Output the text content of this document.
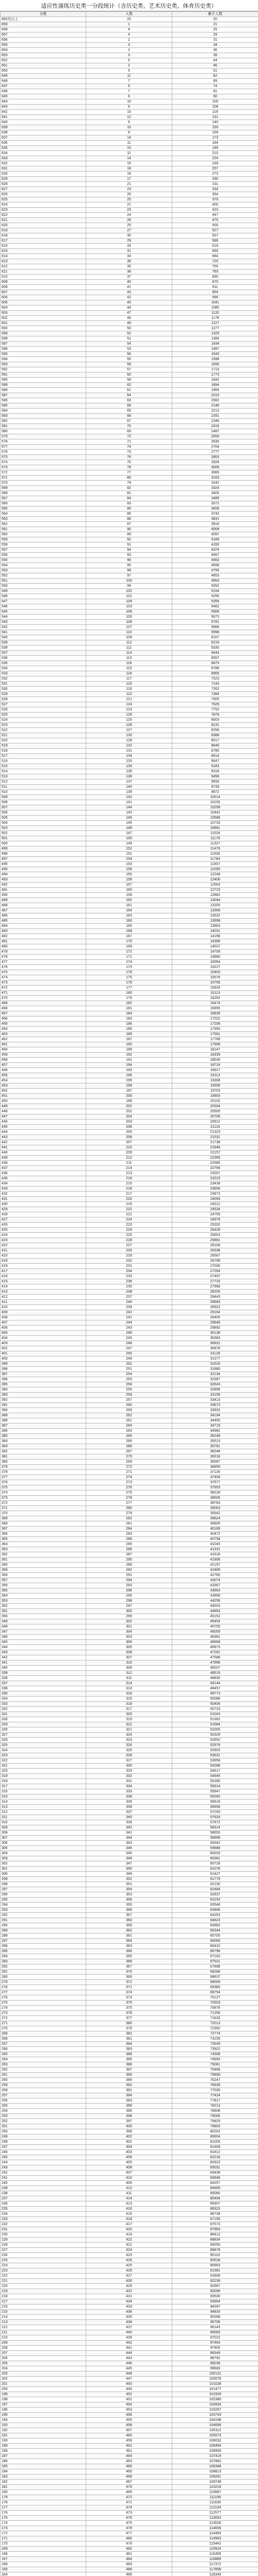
适应性演练历史类一分段统计（含历史类、艺术历史类、体育历史类）
分数	人数	累计人数
660及以上	20	20
659	1	21
658	4	25
657	4	29
656	2	31
655	3	34
654	2	36
653	3	39
652	5	44
651	2	46
650	5	51
649	11	62
648	7	69
647	5	74
646	7	81
645	9	90
644	10	100
643	9	109
642	10	119
641	12	131
640	9	140
639	10	150
638	9	159
637	14	173
636	11	184
635	15	199
634	11	210
633	14	224
632	15	239
631	18	257
630	16	273
629	17	290
628	21	311
627	23	334
626	20	354
625	25	379
624	21	400
623	23	423
622	24	447
621	28	475
620	25	500
619	27	527
618	30	557
617	29	586
616	33	619
615	31	650
614	34	684
613	36	720
612	35	755
611	38	793
610	37	830
609	40	870
608	41	911
607	43	954
606	42	996
605	45	1041
604	44	1085
603	47	1132
602	46	1178
601	49	1227
600	50	1277
599	52	1329
598	51	1380
597	54	1434
596	53	1487
595	56	1543
594	55	1598
593	58	1656
592	57	1713
591	60	1773
590	59	1832
589	62	1894
588	61	1955
587	64	2019
586	63	2082
585	66	2148
584	65	2213
583	68	2281
582	67	2348
581	70	2418
580	69	2487
579	72	2559
578	71	2630
577	74	2704
576	73	2777
575	76	2853
574	75	2928
573	78	3006
572	77	3083
571	80	3163
570	79	3242
569	82	3324
568	81	3405
567	84	3489
566	83	3572
565	86	3658
564	85	3743
563	88	3831
562	87	3918
561	90	4008
560	89	4097
559	92	4189
558	91	4280
557	94	4374
556	93	4467
555	96	4563
554	95	4658
553	98	4756
552	97	4853
551	100	4953
550	99	5052
549	102	5154
548	101	5255
547	104	5359
546	103	5462
545	106	5568
544	105	5673
543	108	5781
542	107	5888
541	110	5998
540	109	6107
539	112	6219
538	111	6330
537	114	6444
536	113	6557
535	116	6673
534	115	6788
533	118	6906
532	117	7023
531	120	7143
530	119	7262
529	122	7384
528	121	7505
527	124	7629
526	123	7752
525	126	7878
524	125	8003
523	128	8131
522	127	8258
521	130	8388
520	129	8517
519	132	8649
518	131	8780
517	134	8914
516	133	9047
515	136	9183
514	135	9318
513	138	9456
512	137	9593
511	140	9733
510	139	9872
509	142	10014
508	141	10155
507	144	10299
506	143	10442
505	146	10588
504	145	10733
503	148	10881
502	147	11028
501	150	11178
500	149	11327
499	152	11479
498	151	11630
497	154	11784
496	153	11937
495	156	12093
494	155	12248
493	158	12406
492	157	12563
491	160	12723
490	159	12882
489	162	13044
488	161	13205
487	164	13369
486	163	13532
485	166	13698
484	165	13863
483	168	14031
482	167	14198
481	170	14368
480	169	14537
479	172	14709
478	171	14880
477	174	15054
476	173	15227
475	176	15403
474	175	15578
473	178	15756
472	177	15933
471	180	16113
470	179	16292
469	182	16474
468	181	16655
467	184	16839
466	183	17022
465	186	17208
464	185	17393
463	188	17581
462	187	17768
461	190	17958
460	189	18147
459	192	18339
458	191	18530
457	194	18724
456	193	18917
455	196	19113
454	195	19308
453	198	19506
452	197	19703
451	200	19903
450	199	20102
449	202	20304
448	201	20505
447	204	20709
446	203	20912
445	206	21118
444	205	21323
443	208	21531
442	207	21738
441	210	21948
440	209	22157
439	212	22369
438	211	22580
437	214	22794
436	213	23007
435	216	23223
434	215	23438
433	218	23656
432	217	23873
431	220	24093
430	219	24312
429	222	24534
428	221	24755
427	224	24979
426	223	25202
425	226	25428
424	225	25653
423	228	25881
422	227	26108
421	230	26338
420	229	26567
419	232	26799
418	231	27030
417	234	27264
416	233	27497
415	236	27733
414	235	27968
413	238	28206
412	237	28443
411	240	28683
410	239	28922
409	242	29164
408	241	29405
407	244	29649
406	243	29892
405	246	30138
404	245	30383
403	248	30631
402	247	30878
401	250	31128
400	249	31377
399	252	31629
398	251	31880
397	254	32134
396	253	32387
395	256	32643
394	255	32898
393	258	33156
392	257	33413
391	260	33673
390	259	33932
389	262	34194
388	261	34455
387	264	34719
386	263	34982
385	266	35248
384	265	35513
383	268	35781
382	267	36048
381	270	36318
380	269	36587
379	272	36859
378	271	37130
377	274	37404
376	273	37677
375	276	37953
374	275	38228
373	278	38506
372	277	38783
371	280	39063
370	279	39342
369	282	39624
368	281	39905
367	284	40189
366	283	40472
365	286	40758
364	285	41043
363	288	41331
362	287	41618
361	290	41908
360	289	42197
359	292	42489
358	291	42780
357	294	43074
356	293	43367
355	296	43663
354	295	43958
353	298	44256
352	297	44553
351	300	44853
350	299	45152
349	302	45454
348	301	45755
347	304	46059
346	303	46362
345	306	46668
344	305	46973
343	308	47281
342	307	47588
341	310	47898
340	309	48207
339	312	48519
338	311	48830
337	314	49144
336	313	49457
335	316	49773
334	315	50088
333	318	50406
332	317	50723
331	320	51043
330	319	51362
329	322	51684
328	321	52005
327	324	52329
326	323	52652
325	326	52978
324	325	53303
323	328	53631
322	327	53958
321	330	54288
320	329	54617
319	332	54949
318	331	55280
317	334	55614
316	333	55947
315	336	56283
314	335	56618
313	338	56956
312	337	57293
311	340	57633
310	339	57972
309	342	58314
308	341	58655
307	344	58999
306	343	59342
305	346	59688
304	345	60033
303	348	60381
302	347	60728
301	350	61078
300	349	61427
299	352	61779
298	351	62130
297	354	62484
296	353	62837
295	356	63193
294	355	63548
293	358	63906
292	357	64263
291	360	64623
290	359	64982
289	362	65344
288	361	65705
287	364	66069
286	363	66432
285	366	66798
284	365	67163
283	368	67531
282	367	67898
281	370	68268
280	369	68637
279	372	69009
278	371	69380
277	374	69754
276	373	70127
275	376	70503
274	375	70878
273	378	71256
272	377	71633
271	380	72013
270	379	72392
269	382	72774
268	381	73155
267	384	73539
266	383	73922
265	386	74308
264	385	74693
263	388	75081
262	387	75468
261	390	75858
260	389	76247
259	392	76639
258	391	77030
257	394	77424
256	393	77817
255	396	78213
254	395	78608
253	398	79006
252	397	79403
251	400	79803
250	399	80202
249	402	80604
248	401	81005
247	404	81409
246	403	81812
245	406	82218
244	405	82623
243	408	83031
242	407	83438
241	410	83848
240	409	84257
239	412	84669
238	411	85080
237	414	85494
236	413	85907
235	416	86323
234	415	86738
233	418	87156
232	417	87573
231	420	87993
230	419	88412
229	422	88834
228	421	89255
227	424	89679
226	423	90102
225	426	90528
224	425	90953
223	428	91381
222	427	91808
221	430	92238
220	429	92667
219	432	93099
218	431	93530
217	434	93964
216	433	94397
215	436	94833
214	435	95268
213	438	95706
212	437	96143
211	440	96583
210	439	97022
209	442	97464
208	441	97905
207	444	98349
206	443	98792
205	446	99238
204	445	99683
203	448	100131
202	447	100578
201	450	101028
200	449	101477
199	452	101929
198	451	102380
197	454	102834
196	453	103287
195	456	103743
194	455	104198
193	458	104656
192	457	105113
191	460	105573
190	459	106032
189	462	106494
188	461	106955
187	464	107419
186	463	107882
185	466	108348
184	465	108813
183	468	109281
182	467	109748
181	470	110218
180	469	110687
179	472	111159
178	471	111630
177	474	112104
176	473	112577
175	476	113053
174	475	113528
173	478	114006
172	477	114483
171	480	114963
170	479	115442
169	482	115924
168	481	116405
167	484	116889
166	483	117372
165	486	117858
164	485	118343
